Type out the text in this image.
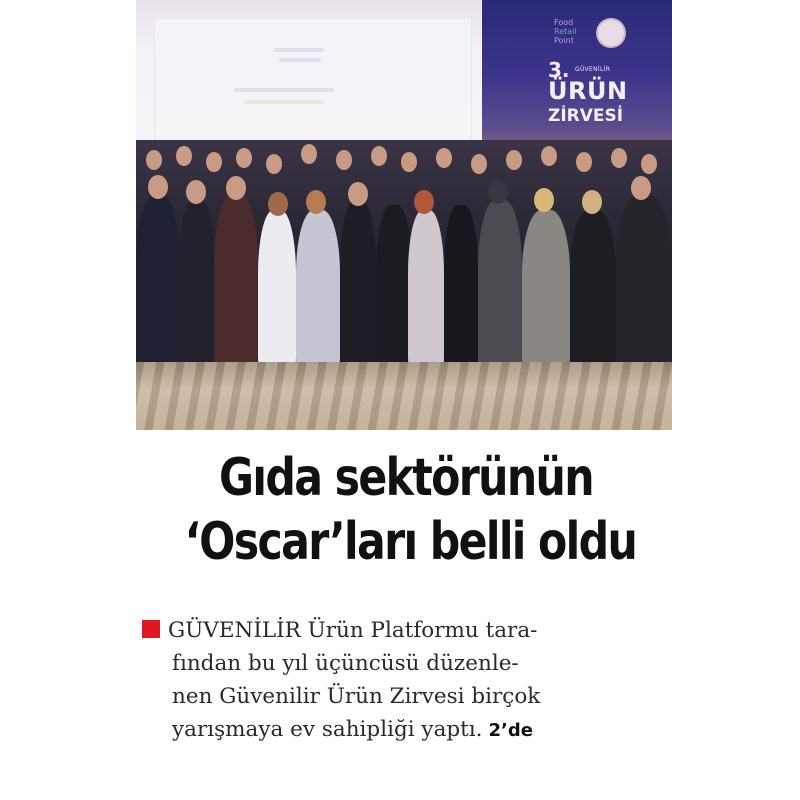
Food
Retail
Point
3. GÜVENİLİR
ÜRÜN
ZİRVESİ
Gıda sektörünün
‘Oscar’ları belli oldu
GÜVENİLİR Ürün Platformu tara-
fından bu yıl üçüncüsü düzenle-
nen Güvenilir Ürün Zirvesi birçok
yarışmaya ev sahipliği yaptı. 2’de
